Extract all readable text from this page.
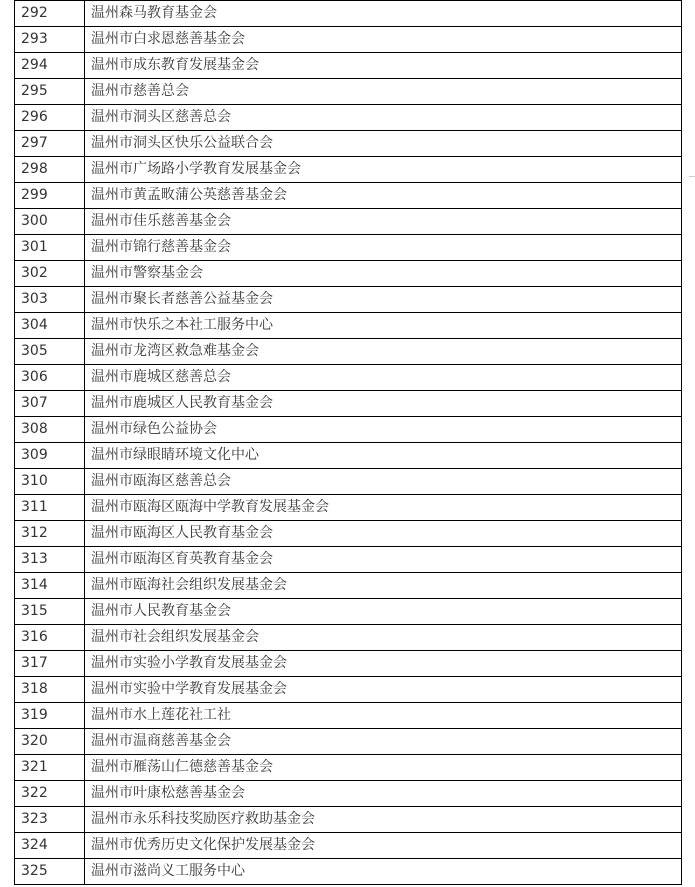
292	温州森马教育基金会
293	温州市白求恩慈善基金会
294	温州市成东教育发展基金会
295	温州市慈善总会
296	温州市洞头区慈善总会
297	温州市洞头区快乐公益联合会
298	温州市广场路小学教育发展基金会
299	温州市黄孟畋蒲公英慈善基金会
300	温州市佳乐慈善基金会
301	温州市锦行慈善基金会
302	温州市警察基金会
303	温州市聚长者慈善公益基金会
304	温州市快乐之本社工服务中心
305	温州市龙湾区救急难基金会
306	温州市鹿城区慈善总会
307	温州市鹿城区人民教育基金会
308	温州市绿色公益协会
309	温州市绿眼睛环境文化中心
310	温州市瓯海区慈善总会
311	温州市瓯海区瓯海中学教育发展基金会
312	温州市瓯海区人民教育基金会
313	温州市瓯海区育英教育基金会
314	温州市瓯海社会组织发展基金会
315	温州市人民教育基金会
316	温州市社会组织发展基金会
317	温州市实验小学教育发展基金会
318	温州市实验中学教育发展基金会
319	温州市水上莲花社工社
320	温州市温商慈善基金会
321	温州市雁荡山仁德慈善基金会
322	温州市叶康松慈善基金会
323	温州市永乐科技奖励医疗救助基金会
324	温州市优秀历史文化保护发展基金会
325	温州市滋尚义工服务中心
